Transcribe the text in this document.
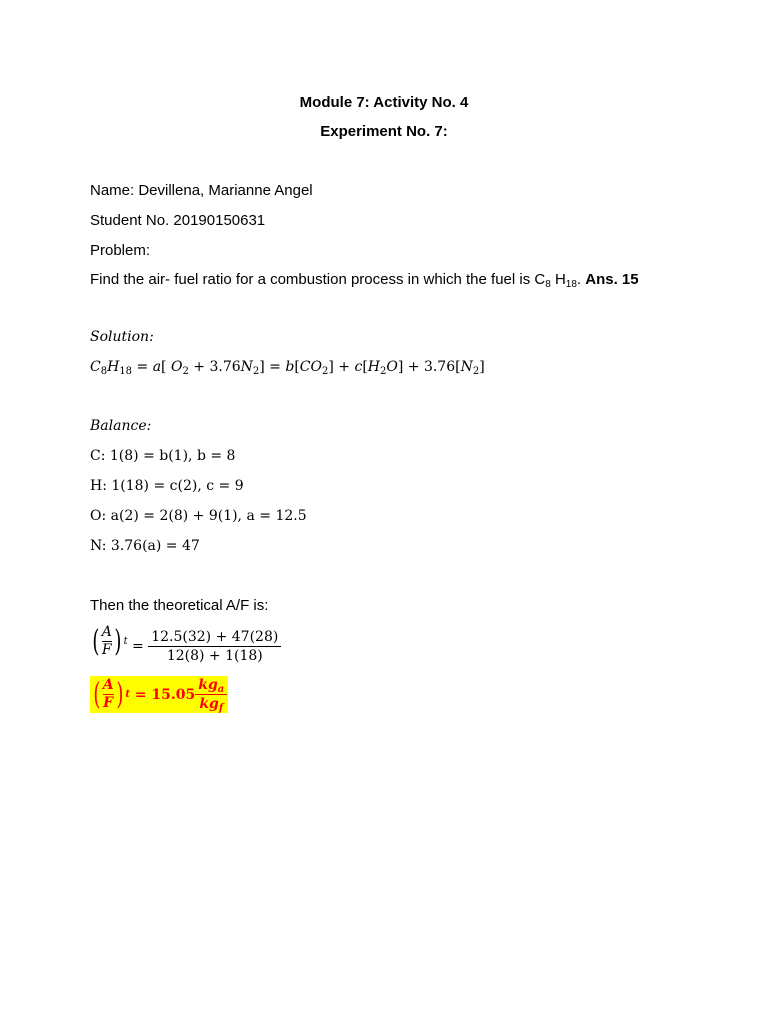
Module 7: Activity No. 4
Experiment No. 7:
Name: Devillena, Marianne Angel
Student No. 20190150631
Problem:
Find the air- fuel ratio for a combustion process in which the fuel is $C_8$ $H_{18}$. Ans. 15
Solution:
$C_8H_{18} = a$[ $O_2 + 3.76N_2] = b[CO_2] + c[H_2O] + 3.76[N_2]$
Balance:
C: 1(8) = b(1), b = 8
H: 1(18) = c(2), c = 9
O: a(2) = 2(8) + 9(1), a = 12.5
N: 3.76(a) = 47
Then the theoretical A/F is:
( $\frac{A}{F}$ ) $t = \frac{12.5(32) + 47(28)}{12(8) + 1(18)}$
( $\frac{A}{F}$ ) $t = 15.05 \frac{kg_a}{kg_f}$
